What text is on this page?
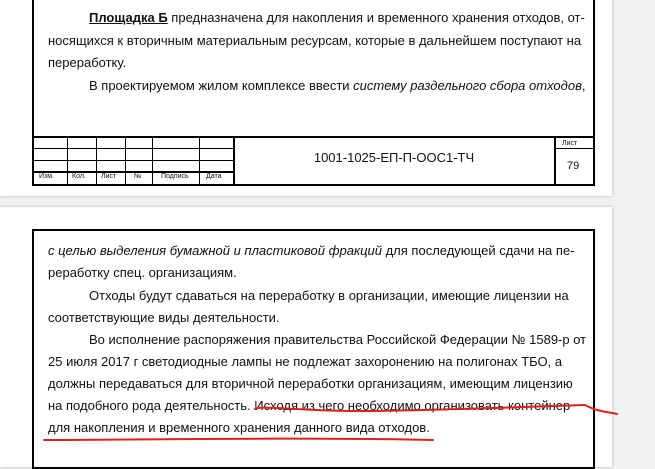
Площадка Б предназначена для накопления и временного хранения отходов, от-
носящихся к вторичным материальным ресурсам, которые в дальнейшем поступают на
переработку.
В проектируемом жилом комплексе ввести систему раздельного сбора отходов,
Изм.	Кол. Лист	№	Подпись Дата
1001-1025-ЕП-П-ООС1-ТЧ
Лист
79
с целью выделения бумажной и пластиковой фракций для последующей сдачи на пе-
реработку спец. организациям.
Отходы будут сдаваться на переработку в организации, имеющие лицензии на
соответствующие виды деятельности.
Во исполнение распоряжения правительства Российской Федерации № 1589-р от
25 июля 2017 г светодиодные лампы не подлежат захоронению на полигонах ТБО, а
должны передаваться для вторичной переработки организациям, имеющим лицензию
на подобного рода деятельность. Исходя из чего необходимо организовать контейнер
для накопления и временного хранения данного вида отходов.
